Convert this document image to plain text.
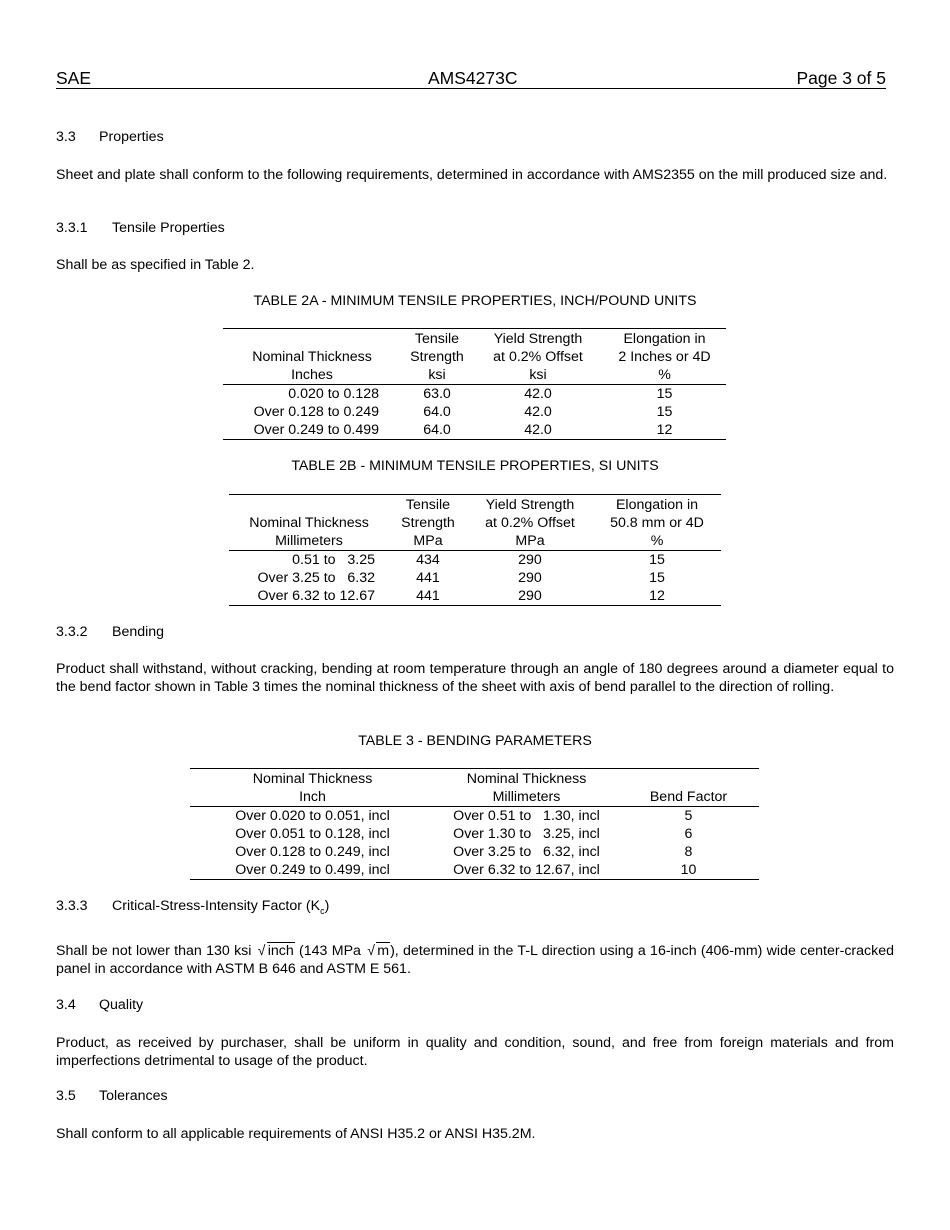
SAE	AMS4273C	Page 3 of 5
3.3 Properties
Sheet and plate shall conform to the following requirements, determined in accordance with AMS2355 on the mill produced size and.
3.3.1 Tensile Properties
Shall be as specified in Table 2.
TABLE 2A - MINIMUM TENSILE PROPERTIES, INCH/POUND UNITS
	Tensile	Yield Strength	Elongation in
Nominal Thickness	Strength	at 0.2% Offset	2 Inches or 4D
Inches	ksi	ksi	%
0.020 to 0.128	63.0	42.0	15
Over 0.128 to 0.249	64.0	42.0	15
Over 0.249 to 0.499	64.0	42.0	12
TABLE 2B - MINIMUM TENSILE PROPERTIES, SI UNITS
	Tensile	Yield Strength	Elongation in
Nominal Thickness	Strength	at 0.2% Offset	50.8 mm or 4D
Millimeters	MPa	MPa	%
0.51 to   3.25	434	290	15
Over 3.25 to   6.32	441	290	15
Over 6.32 to 12.67	441	290	12
3.3.2 Bending
Product shall withstand, without cracking, bending at room temperature through an angle of 180 degrees around a diameter equal to the bend factor shown in Table 3 times the nominal thickness of the sheet with axis of bend parallel to the direction of rolling.
TABLE 3 - BENDING PARAMETERS
Nominal Thickness	Nominal Thickness	
Inch	Millimeters	Bend Factor
Over 0.020 to 0.051, incl	Over 0.51 to   1.30, incl	5
Over 0.051 to 0.128, incl	Over 1.30 to   3.25, incl	6
Over 0.128 to 0.249, incl	Over 3.25 to   6.32, incl	8
Over 0.249 to 0.499, incl	Over 6.32 to 12.67, incl	10
3.3.3 Critical-Stress-Intensity Factor $(K_c)$
Shall be not lower than 130 ksi √ inch (143 MPa √ m), determined in the T-L direction using a 16-inch (406-mm) wide center-cracked panel in accordance with ASTM B 646 and ASTM E 561.
3.4 Quality
Product, as received by purchaser, shall be uniform in quality and condition, sound, and free from foreign materials and from imperfections detrimental to usage of the product.
3.5 Tolerances
Shall conform to all applicable requirements of ANSI H35.2 or ANSI H35.2M.
